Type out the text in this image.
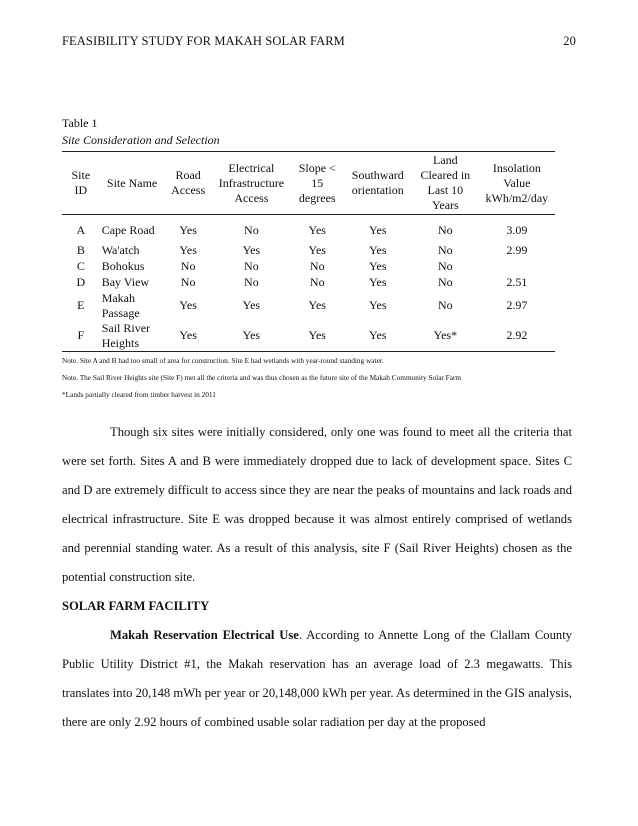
FEASIBILITY STUDY FOR MAKAH SOLAR FARM	20
Table 1
Site Consideration and Selection
Site ID	Site Name	Road Access	Electrical Infrastructure Access	Slope < 15 degrees	Southward orientation	Land Cleared in Last 10 Years	Insolation Value kWh/m2/day
A	Cape Road	Yes	No	Yes	Yes	No	3.09
B	Wa'atch	Yes	Yes	Yes	Yes	No	2.99
C	Bohokus	No	No	No	Yes	No	
D	Bay View	No	No	No	Yes	No	2.51
E	Makah Passage	Yes	Yes	Yes	Yes	No	2.97
F	Sail River Heights	Yes	Yes	Yes	Yes	Yes*	2.92
Note. Site A and B had too small of area for construction. Site E had wetlands with year-round standing water.
Note. The Sail River Heights site (Site F) met all the criteria and was thus chosen as the future site of the Makah Community Solar Farm
*Lands partially cleared from timber harvest in 2011

Though six sites were initially considered, only one was found to meet all the criteria that were set forth. Sites A and B were immediately dropped due to lack of development space. Sites C and D are extremely difficult to access since they are near the peaks of mountains and lack roads and electrical infrastructure. Site E was dropped because it was almost entirely comprised of wetlands and perennial standing water. As a result of this analysis, site F (Sail River Heights) chosen as the potential construction site.

SOLAR FARM FACILITY

Makah Reservation Electrical Use. According to Annette Long of the Clallam County Public Utility District #1, the Makah reservation has an average load of 2.3 megawatts. This translates into 20,148 mWh per year or 20,148,000 kWh per year. As determined in the GIS analysis, there are only 2.92 hours of combined usable solar radiation per day at the proposed
